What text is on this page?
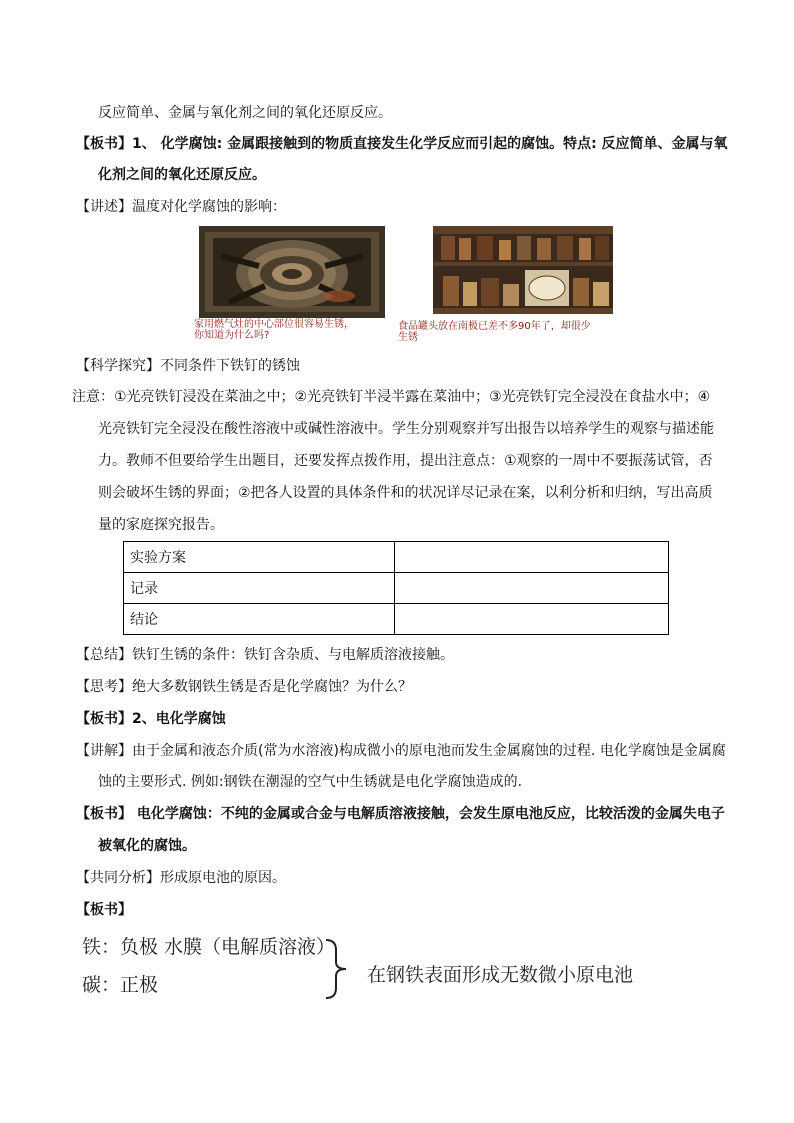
反应简单、金属与氧化剂之间的氧化还原反应。
【板书】1、 化学腐蚀: 金属跟接触到的物质直接发生化学反应而引起的腐蚀。特点: 反应简单、金属与氧
化剂之间的氧化还原反应。
【讲述】温度对化学腐蚀的影响：
家用燃气灶的中心部位很容易生锈，
你知道为什么吗?
食品罐头放在南极已差不多90年了，却很少
生锈
【科学探究】不同条件下铁钉的锈蚀
注意：①光亮铁钉浸没在菜油之中；②光亮铁钉半浸半露在菜油中；③光亮铁钉完全浸没在食盐水中；④
光亮铁钉完全浸没在酸性溶液中或碱性溶液中。学生分别观察并写出报告以培养学生的观察与描述能
力。教师不但要给学生出题目，还要发挥点拨作用，提出注意点：①观察的一周中不要振荡试管，否
则会破坏生锈的界面；②把各人设置的具体条件和的状况详尽记录在案，以利分析和归纳，写出高质
量的家庭探究报告。
实验方案	
记录	
结论	
【总结】铁钉生锈的条件：铁钉含杂质、与电解质溶液接触。
【思考】绝大多数钢铁生锈是否是化学腐蚀？为什么？
【板书】2、电化学腐蚀
【讲解】由于金属和液态介质(常为水溶液)构成微小的原电池而发生金属腐蚀的过程. 电化学腐蚀是金属腐
蚀的主要形式. 例如:钢铁在潮湿的空气中生锈就是电化学腐蚀造成的.
【板书】 电化学腐蚀：不纯的金属或合金与电解质溶液接触，会发生原电池反应，比较活泼的金属失电子
被氧化的腐蚀。
【共同分析】形成原电池的原因。
【板书】
铁：负极 水膜（电解质溶液）
碳：正极	在钢铁表面形成无数微小原电池
